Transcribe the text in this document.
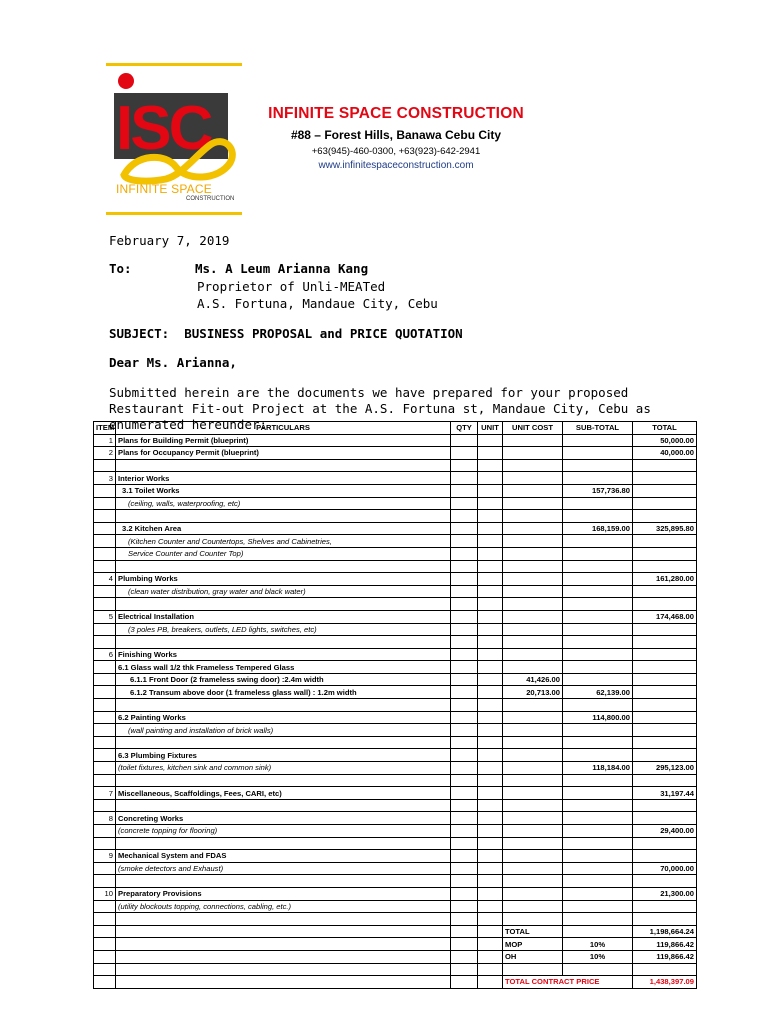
ISC
INFINITE SPACE
CONSTRUCTION
INFINITE SPACE CONSTRUCTION
#88 – Forest Hills, Banawa Cebu City
+63(945)-460-0300, +63(923)-642-2941
www.infinitespaceconstruction.com
February 7, 2019
To:	Ms. A Leum Arianna Kang
Proprietor of Unli-MEATed
A.S. Fortuna, Mandaue City, Cebu
SUBJECT:  BUSINESS PROPOSAL and PRICE QUOTATION
Dear Ms. Arianna,
Submitted herein are the documents we have prepared for your proposed Restaurant Fit-out Project at the A.S. Fortuna st, Mandaue City, Cebu as enumerated hereunder:
ITEM	PARTICULARS	QTY	UNIT	UNIT COST	SUB-TOTAL	TOTAL
1	Plans for Building Permit (blueprint)					50,000.00
2	Plans for Occupancy Permit (blueprint)					40,000.00

3	Interior Works					
	3.1 Toilet Works				157,736.80	
	(ceiling, walls, waterproofing, etc)					

	3.2 Kitchen Area				168,159.00	325,895.80
	(Kitchen Counter and Countertops, Shelves and Cabinetries,					
	Service Counter and Counter Top)					

4	Plumbing Works					161,280.00
	(clean water distribution, gray water and black water)					

5	Electrical Installation					174,468.00
	(3 poles PB, breakers, outlets, LED lights, switches, etc)					

6	Finishing Works					
	6.1 Glass wall 1/2 thk Frameless Tempered Glass					
	6.1.1 Front Door (2 frameless swing door) :2.4m width			41,426.00		
	6.1.2 Transum above door (1 frameless glass wall) : 1.2m width			20,713.00	62,139.00	

	6.2 Painting Works				114,800.00	
	(wall painting and installation of brick walls)					

	6.3 Plumbing Fixtures					
	(toilet fixtures, kitchen sink and common sink)				118,184.00	295,123.00

7	Miscellaneous, Scaffoldings, Fees, CARI, etc)					31,197.44

8	Concreting Works					
	(concrete topping for flooring)					29,400.00

9	Mechanical System and FDAS					
	(smoke detectors and Exhaust)					70,000.00

10	Preparatory Provisions					21,300.00
	(utility blockouts topping, connections, cabling, etc.)					

				TOTAL		1,198,664.24
				MOP	10%	119,866.42
				OH	10%	119,866.42

				TOTAL CONTRACT PRICE		1,438,397.09
